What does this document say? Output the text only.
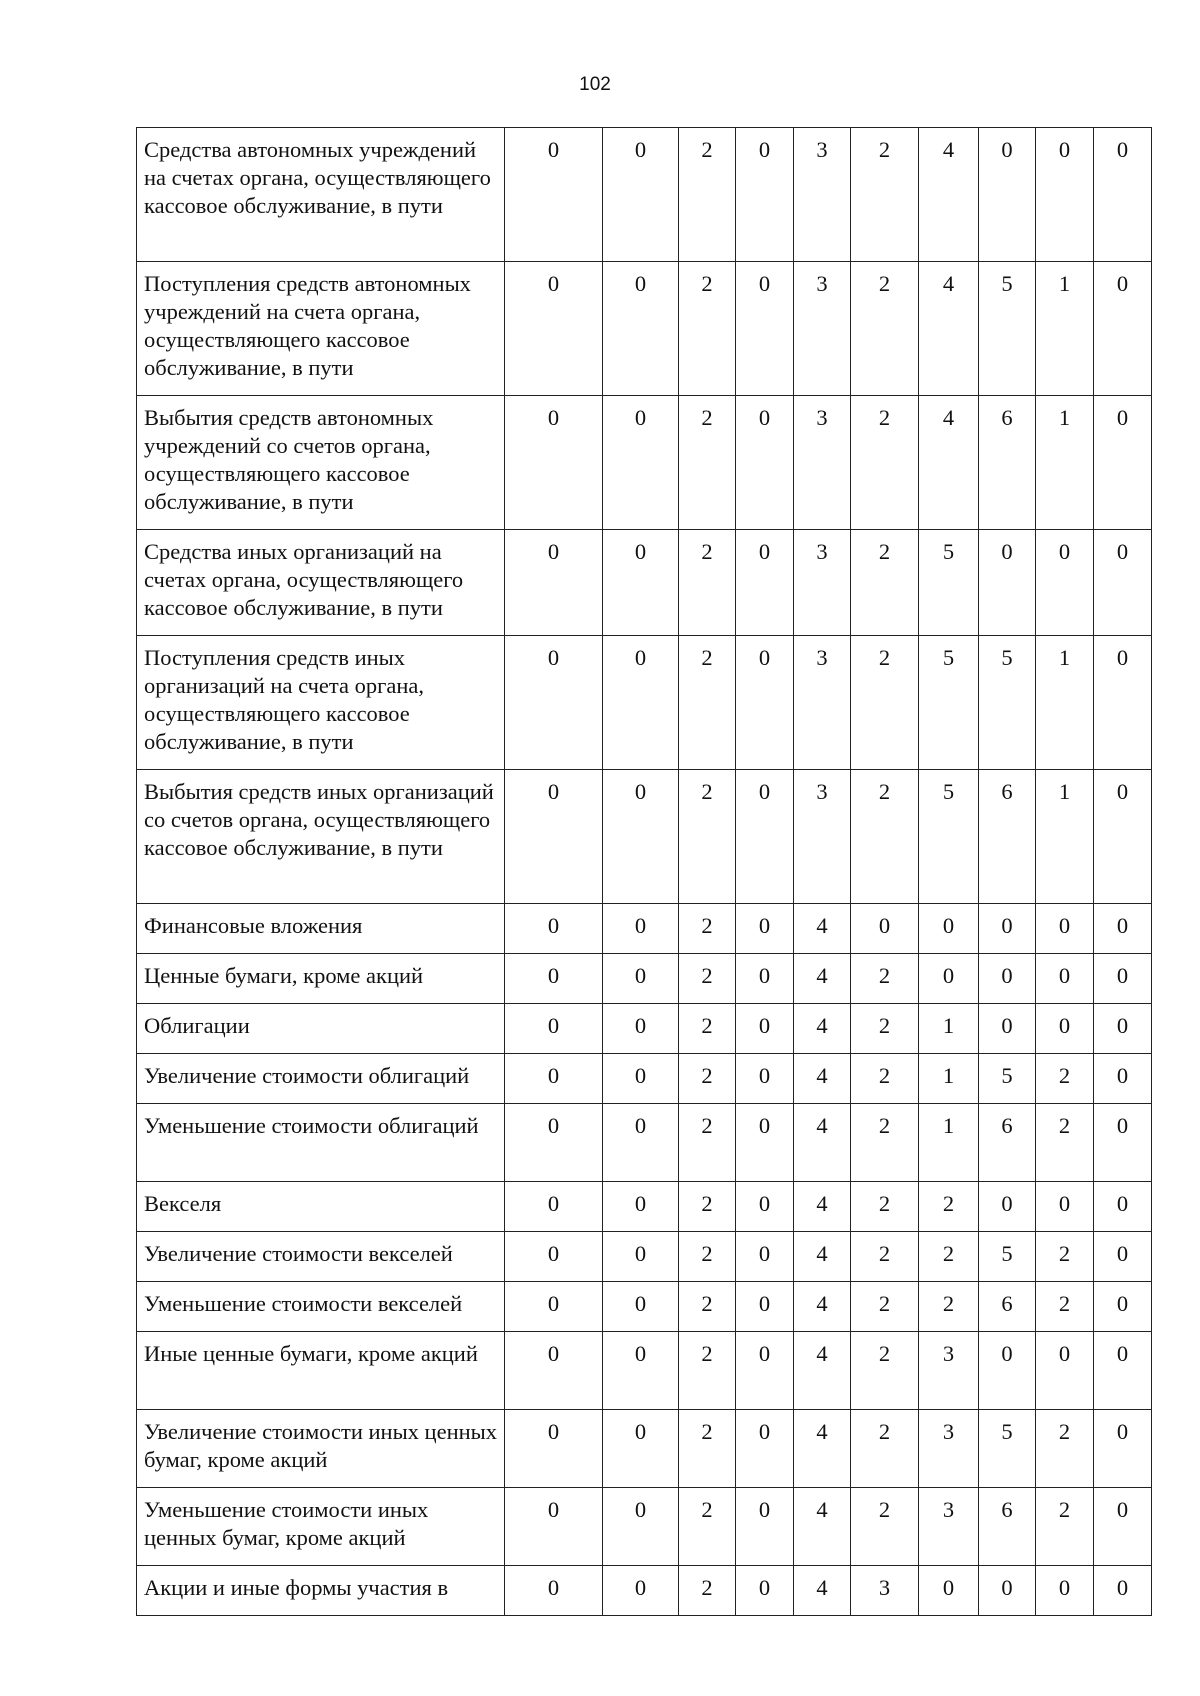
102
Средства автономных учреждений на счетах органа, осуществляющего кассовое обслуживание, в пути	0	0	2	0	3	2	4	0	0	0
Поступления средств автономных учреждений на счета органа, осуществляющего кассовое обслуживание, в пути	0	0	2	0	3	2	4	5	1	0
Выбытия средств автономных учреждений со счетов органа, осуществляющего кассовое обслуживание, в пути	0	0	2	0	3	2	4	6	1	0
Средства иных организаций на счетах органа, осуществляющего кассовое обслуживание, в пути	0	0	2	0	3	2	5	0	0	0
Поступления средств иных организаций на счета органа, осуществляющего кассовое обслуживание, в пути	0	0	2	0	3	2	5	5	1	0
Выбытия средств иных организаций со счетов органа, осуществляющего кассовое обслуживание, в пути	0	0	2	0	3	2	5	6	1	0
Финансовые вложения	0	0	2	0	4	0	0	0	0	0
Ценные бумаги, кроме акций	0	0	2	0	4	2	0	0	0	0
Облигации	0	0	2	0	4	2	1	0	0	0
Увеличение стоимости облигаций	0	0	2	0	4	2	1	5	2	0
Уменьшение стоимости облигаций	0	0	2	0	4	2	1	6	2	0
Векселя	0	0	2	0	4	2	2	0	0	0
Увеличение стоимости векселей	0	0	2	0	4	2	2	5	2	0
Уменьшение стоимости векселей	0	0	2	0	4	2	2	6	2	0
Иные ценные бумаги, кроме акций	0	0	2	0	4	2	3	0	0	0
Увеличение стоимости иных ценных бумаг, кроме акций	0	0	2	0	4	2	3	5	2	0
Уменьшение стоимости иных ценных бумаг, кроме акций	0	0	2	0	4	2	3	6	2	0
Акции и иные формы участия в	0	0	2	0	4	3	0	0	0	0
